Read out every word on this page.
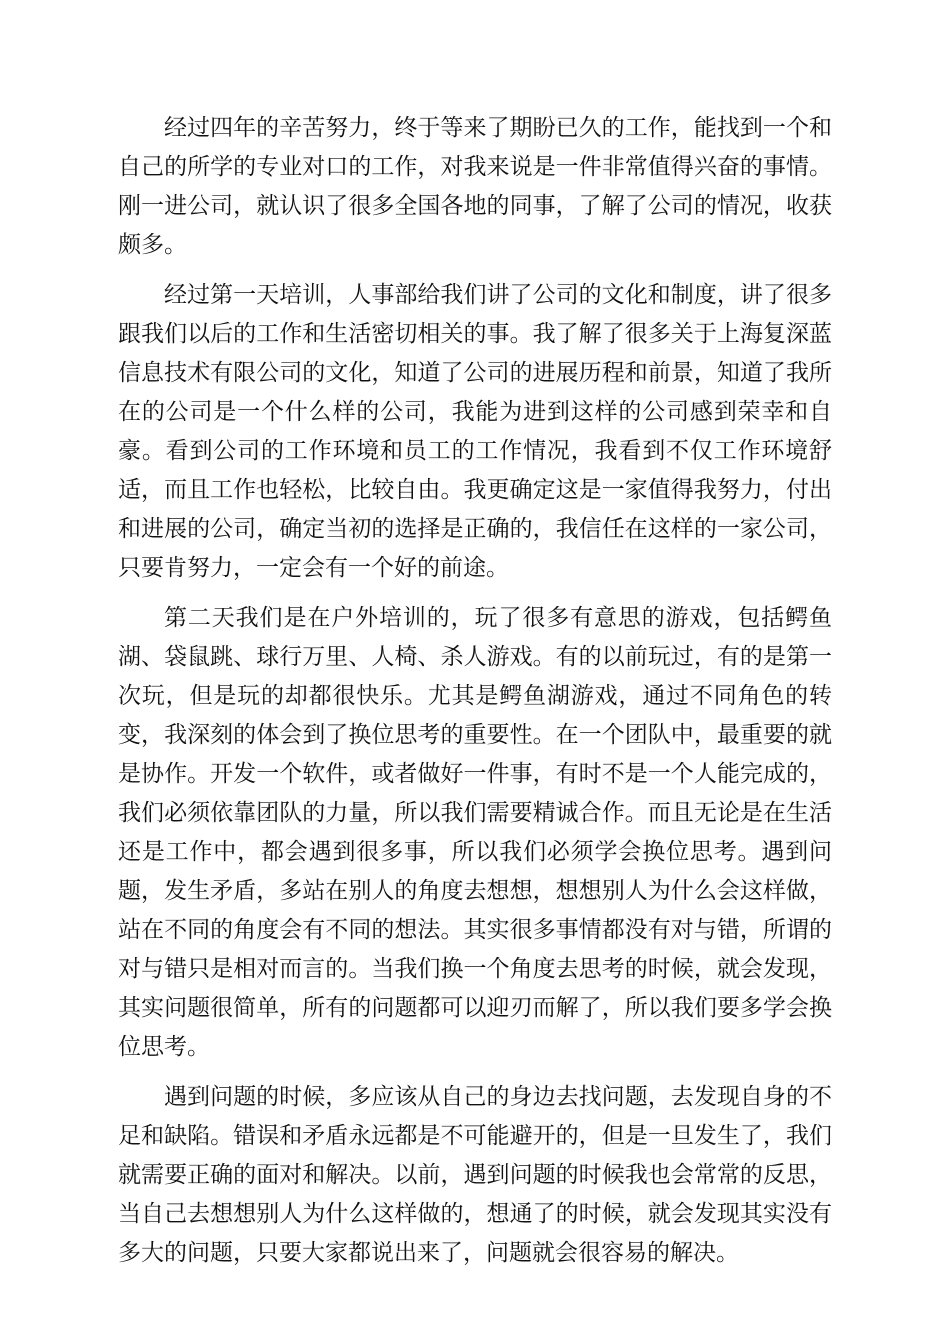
经过四年的辛苦努力，终于等来了期盼已久的工作，能找到一个和自己的所学的专业对口的工作，对我来说是一件非常值得兴奋的事情。刚一进公司，就认识了很多全国各地的同事，了解了公司的情况，收获颇多。

经过第一天培训，人事部给我们讲了公司的文化和制度，讲了很多跟我们以后的工作和生活密切相关的事。我了解了很多关于上海复深蓝信息技术有限公司的文化，知道了公司的进展历程和前景，知道了我所在的公司是一个什么样的公司，我能为进到这样的公司感到荣幸和自豪。看到公司的工作环境和员工的工作情况，我看到不仅工作环境舒适，而且工作也轻松，比较自由。我更确定这是一家值得我努力，付出和进展的公司，确定当初的选择是正确的，我信任在这样的一家公司，只要肯努力，一定会有一个好的前途。

第二天我们是在户外培训的，玩了很多有意思的游戏，包括鳄鱼湖、袋鼠跳、球行万里、人椅、杀人游戏。有的以前玩过，有的是第一次玩，但是玩的却都很快乐。尤其是鳄鱼湖游戏，通过不同角色的转变，我深刻的体会到了换位思考的重要性。在一个团队中，最重要的就是协作。开发一个软件，或者做好一件事，有时不是一个人能完成的，我们必须依靠团队的力量，所以我们需要精诚合作。而且无论是在生活还是工作中，都会遇到很多事，所以我们必须学会换位思考。遇到问题，发生矛盾，多站在别人的角度去想想，想想别人为什么会这样做，站在不同的角度会有不同的想法。其实很多事情都没有对与错，所谓的对与错只是相对而言的。当我们换一个角度去思考的时候，就会发现，其实问题很简单，所有的问题都可以迎刃而解了，所以我们要多学会换位思考。

遇到问题的时候，多应该从自己的身边去找问题，去发现自身的不足和缺陷。错误和矛盾永远都是不可能避开的，但是一旦发生了，我们就需要正确的面对和解决。以前，遇到问题的时候我也会常常的反思，当自己去想想别人为什么这样做的，想通了的时候，就会发现其实没有多大的问题，只要大家都说出来了，问题就会很容易的解决。
